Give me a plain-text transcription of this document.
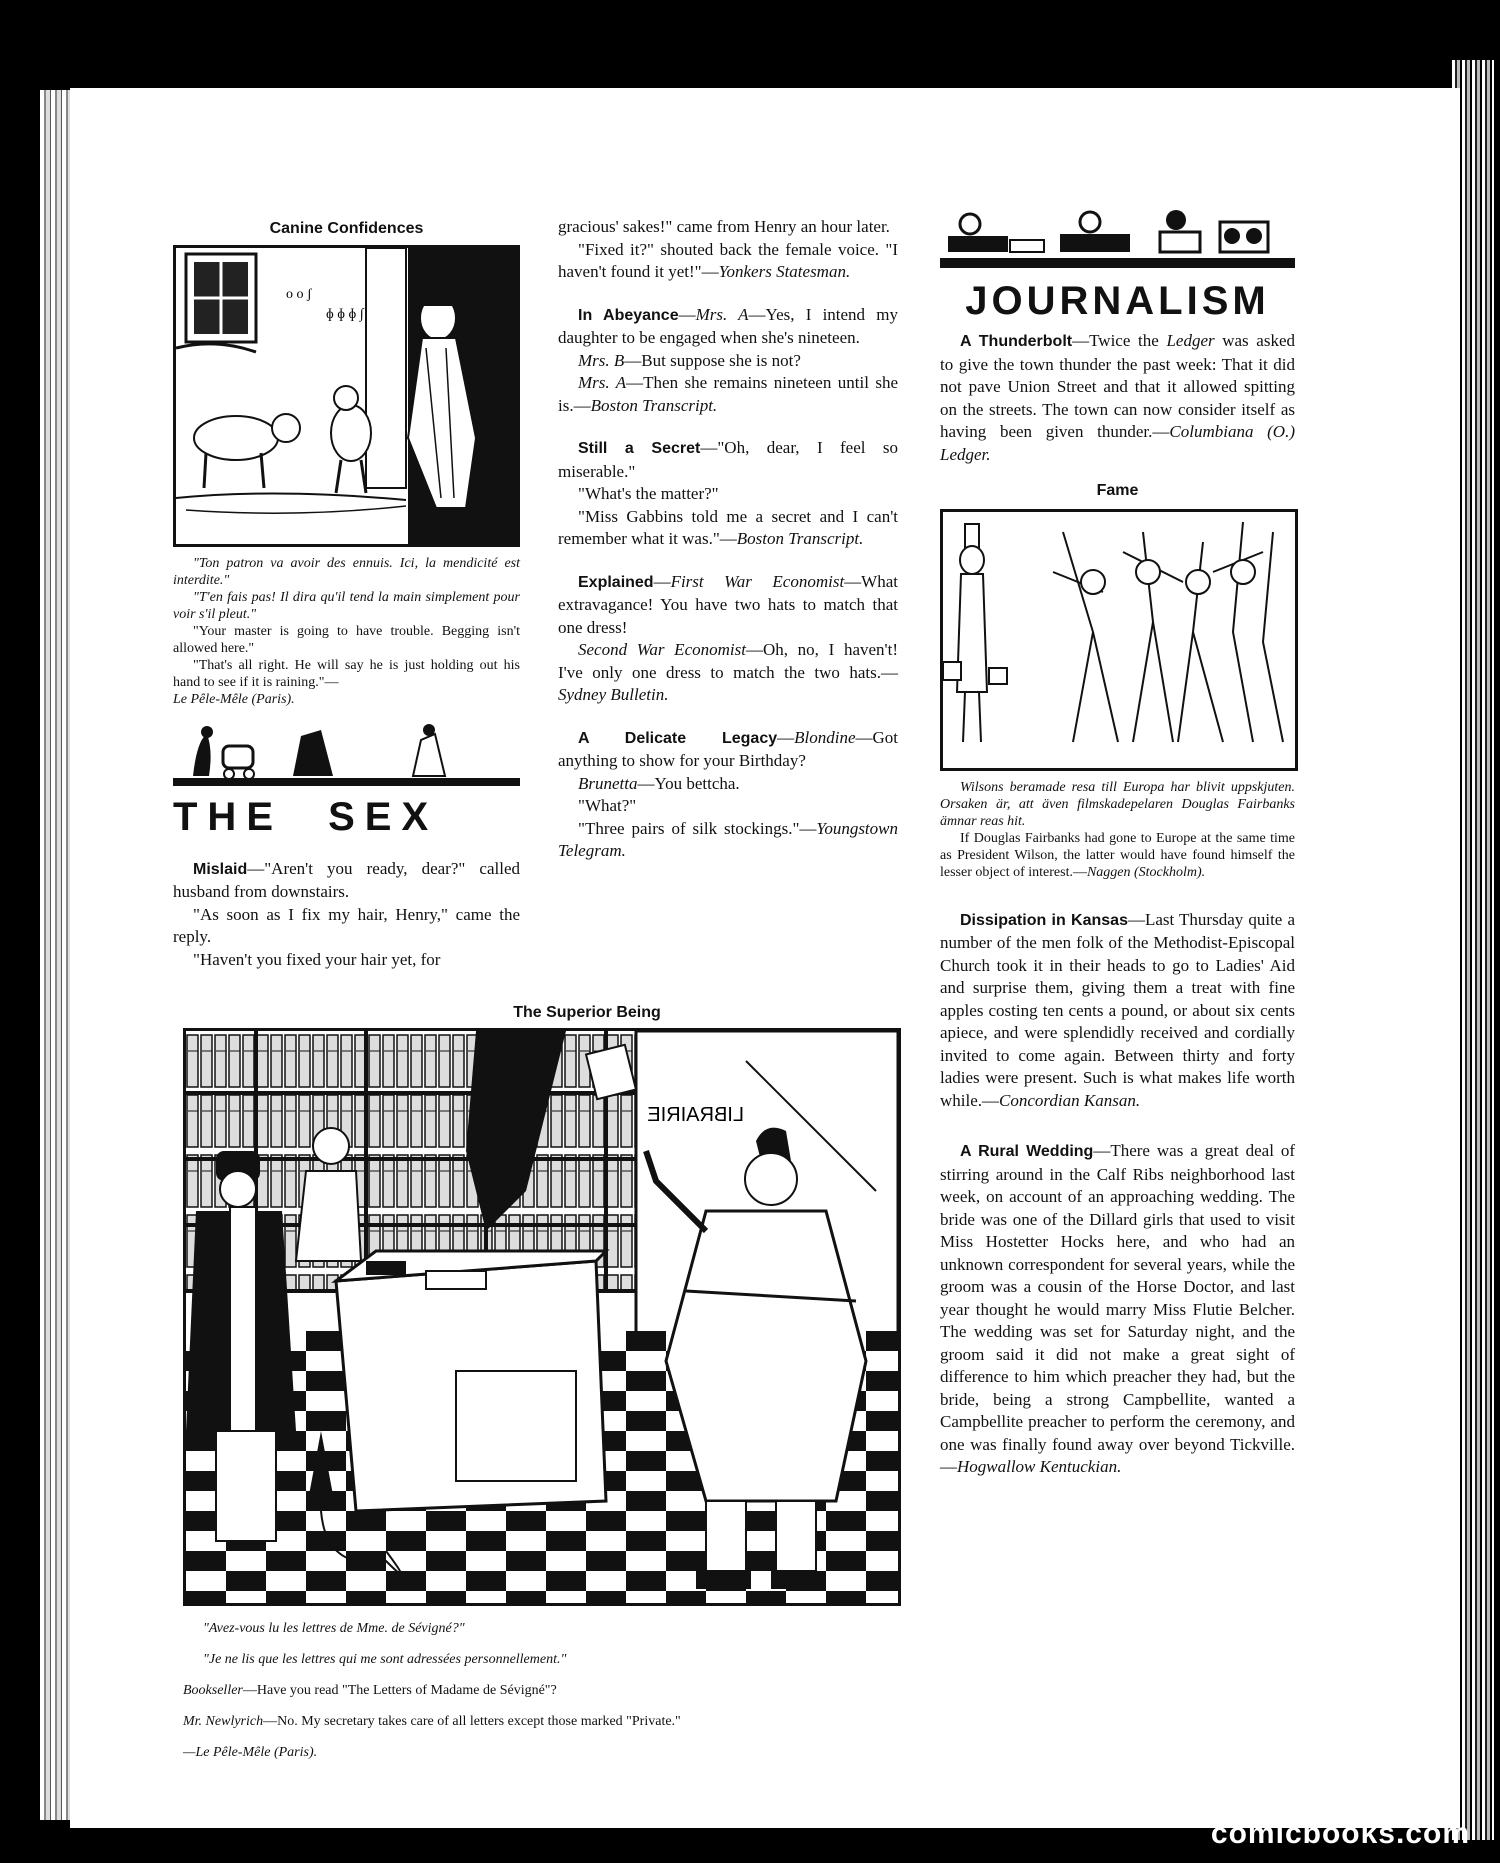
Canine Confidences
o o ʃ
ɸ ɸ ɸ ∫

"Ton patron va avoir des ennuis. Ici, la mendicité est interdite."

"T'en fais pas! Il dira qu'il tend la main simplement pour voir s'il pleut."

"Your master is going to have trouble. Begging isn't allowed here."

"That's all right. He will say he is just holding out his hand to see if it is raining."—

Le Pêle-Mêle (Paris).

THE SEX

Mislaid—"Aren't you ready, dear?" called husband from downstairs.

"As soon as I fix my hair, Henry," came the reply.

"Haven't you fixed your hair yet, for

gracious' sakes!" came from Henry an hour later.

"Fixed it?" shouted back the female voice. "I haven't found it yet!"—Yonkers Statesman.

In Abeyance—Mrs. A—Yes, I intend my daughter to be engaged when she's nineteen.

Mrs. B—But suppose she is not?

Mrs. A—Then she remains nineteen until she is.—Boston Transcript.

Still a Secret—"Oh, dear, I feel so miserable."

"What's the matter?"

"Miss Gabbins told me a secret and I can't remember what it was."—Boston Transcript.

Explained—First War Economist—What extravagance! You have two hats to match that one dress!

Second War Economist—Oh, no, I haven't! I've only one dress to match the two hats.—Sydney Bulletin.

A Delicate Legacy—Blondine—Got anything to show for your Birthday?

Brunetta—You bettcha.

"What?"

"Three pairs of silk stockings."—Youngstown Telegram.

JOURNALISM

A Thunderbolt—Twice the Ledger was asked to give the town thunder the past week: That it did not pave Union Street and that it allowed spitting on the streets. The town can now consider itself as having been given thunder.—Columbiana (O.) Ledger.

Fame

Wilsons beramade resa till Europa har blivit uppskjuten. Orsaken är, att även filmskadepelaren Douglas Fairbanks ämnar reas hit.

If Douglas Fairbanks had gone to Europe at the same time as President Wilson, the latter would have found himself the lesser object of interest.—Naggen (Stockholm).

Dissipation in Kansas—Last Thursday quite a number of the men folk of the Methodist-Episcopal Church took it in their heads to go to Ladies' Aid and surprise them, giving them a treat with fine apples costing ten cents a pound, or about six cents apiece, and were splendidly received and cordially invited to come again. Between thirty and forty ladies were present. Such is what makes life worth while.—Concordian Kansan.

A Rural Wedding—There was a great deal of stirring around in the Calf Ribs neighborhood last week, on account of an approaching wedding. The bride was one of the Dillard girls that used to visit Miss Hostetter Hocks here, and who had an unknown correspondent for several years, while the groom was a cousin of the Horse Doctor, and last year thought he would marry Miss Flutie Belcher. The wedding was set for Saturday night, and the groom said it did not make a great sight of difference to him which preacher they had, but the bride, being a strong Campbellite, wanted a Campbellite preacher to perform the ceremony, and one was finally found away over beyond Tickville.—Hogwallow Kentuckian.

The Superior Being
LIBRAIRIE

"Avez-vous lu les lettres de Mme. de Sévigné?"

"Je ne lis que les lettres qui me sont adressées personnellement."

Bookseller—Have you read "The Letters of Madame de Sévigné"?

Mr. Newlyrich—No. My secretary takes care of all letters except those marked "Private."

—Le Pêle-Mêle (Paris).

comicbooks.com
